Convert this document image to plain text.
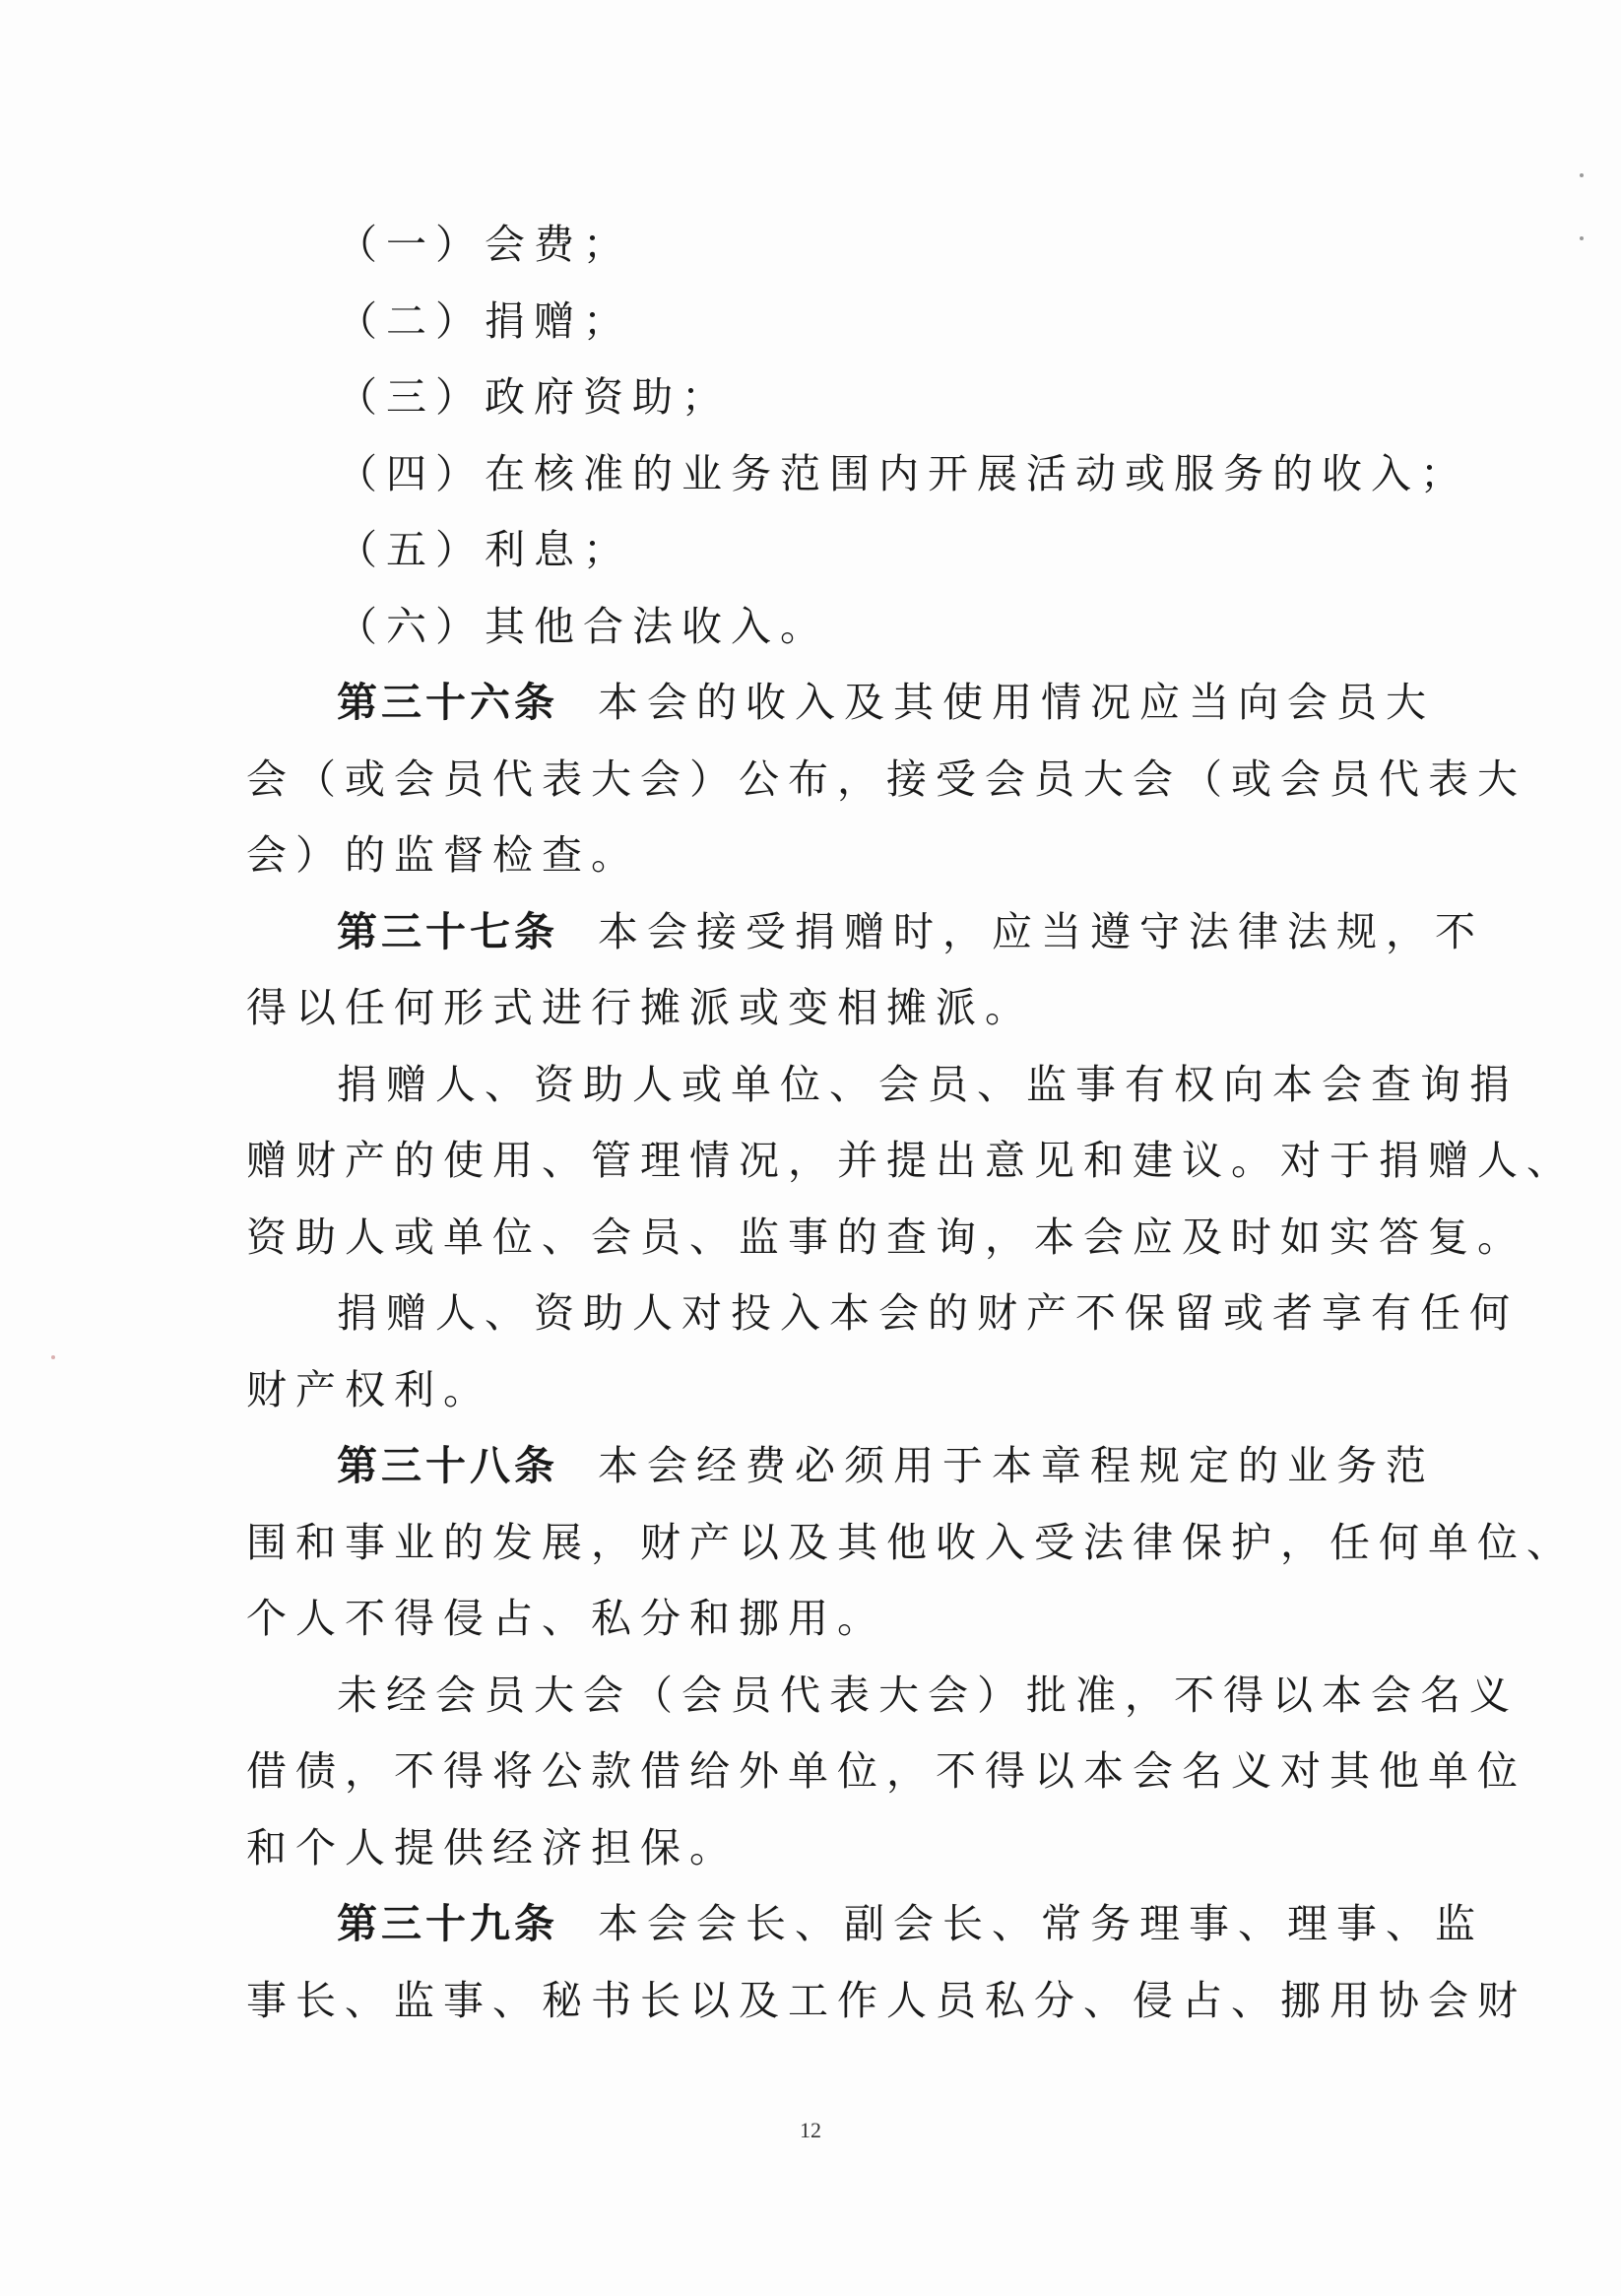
（一）会费；
（二）捐赠；
（三）政府资助；
（四）在核准的业务范围内开展活动或服务的收入；
（五）利息；
（六）其他合法收入。
第三十六条 本会的收入及其使用情况应当向会员大
会（或会员代表大会）公布，接受会员大会（或会员代表大
会）的监督检查。
第三十七条 本会接受捐赠时，应当遵守法律法规，不
得以任何形式进行摊派或变相摊派。
捐赠人、资助人或单位、会员、监事有权向本会查询捐
赠财产的使用、管理情况，并提出意见和建议。对于捐赠人、
资助人或单位、会员、监事的查询，本会应及时如实答复。
捐赠人、资助人对投入本会的财产不保留或者享有任何
财产权利。
第三十八条 本会经费必须用于本章程规定的业务范
围和事业的发展，财产以及其他收入受法律保护，任何单位、
个人不得侵占、私分和挪用。
未经会员大会（会员代表大会）批准，不得以本会名义
借债，不得将公款借给外单位，不得以本会名义对其他单位
和个人提供经济担保。
第三十九条 本会会长、副会长、常务理事、理事、监
事长、监事、秘书长以及工作人员私分、侵占、挪用协会财
12
